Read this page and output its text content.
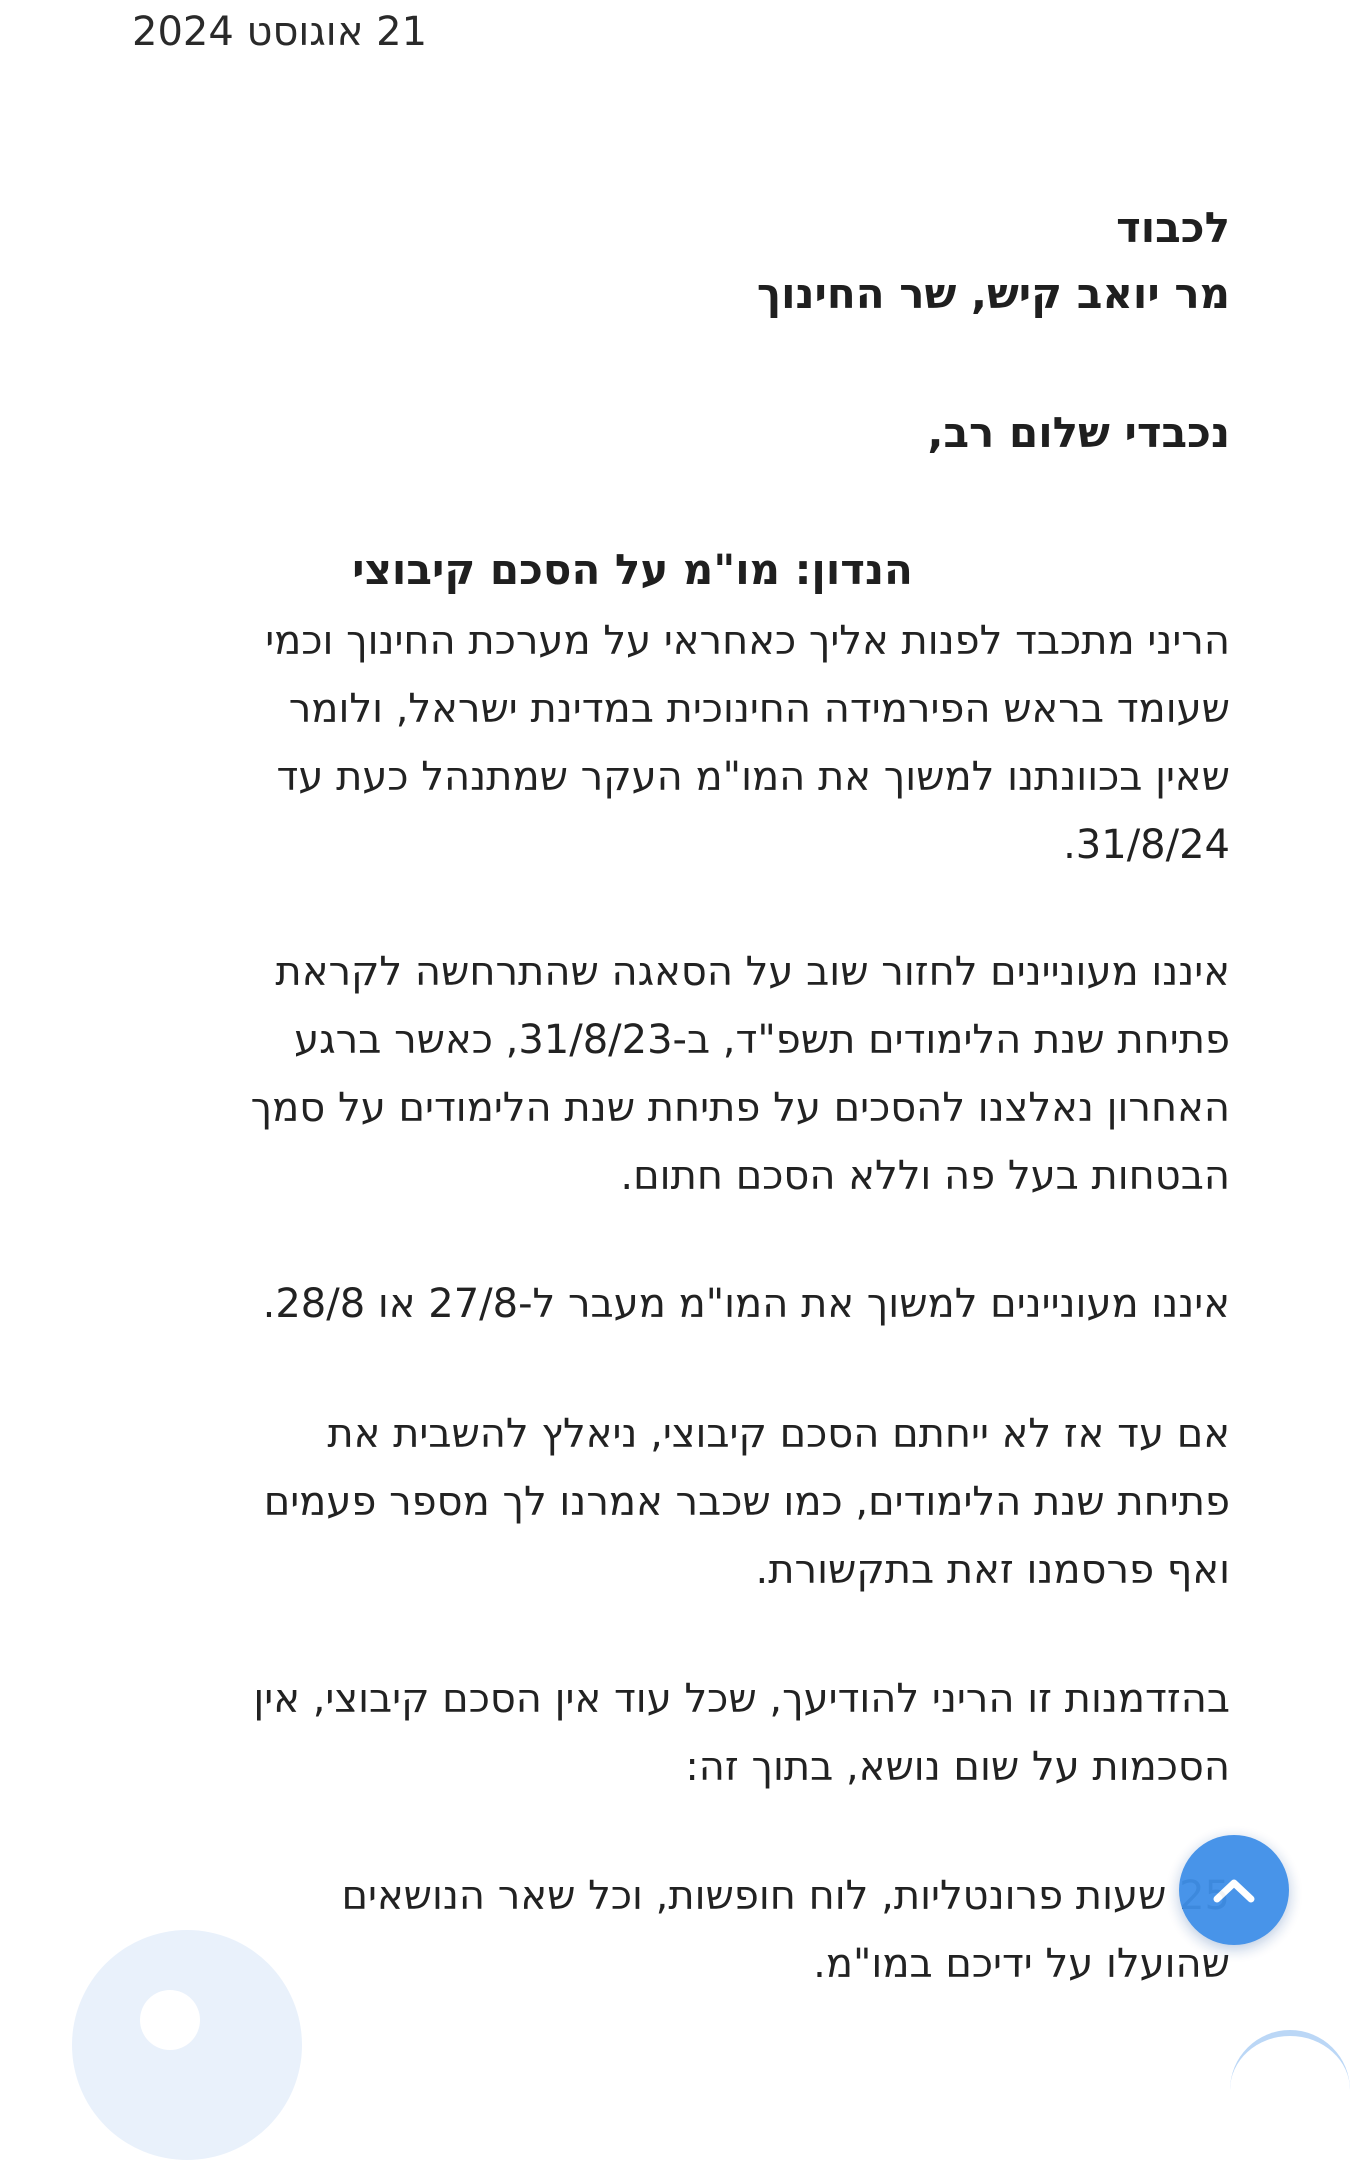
21 אוגוסט 2024
לכבוד
מר יואב קיש, שר החינוך
נכבדי שלום רב,
הנדון: מו"מ על הסכם קיבוצי
הריני מתכבד לפנות אליך כאחראי על מערכת החינוך וכמי
שעומד בראש הפירמידה החינוכית במדינת ישראל, ולומר
שאין בכוונתנו למשוך את המו"מ העקר שמתנהל כעת עד
31/8/24.
איננו מעוניינים לחזור שוב על הסאגה שהתרחשה לקראת
פתיחת שנת הלימודים תשפ"ד, ב-31/8/23, כאשר ברגע
האחרון נאלצנו להסכים על פתיחת שנת הלימודים על סמך
הבטחות בעל פה וללא הסכם חתום.
איננו מעוניינים למשוך את המו"מ מעבר ל-27/8 או 28/8.
אם עד אז לא ייחתם הסכם קיבוצי, ניאלץ להשבית את
פתיחת שנת הלימודים, כמו שכבר אמרנו לך מספר פעמים
ואף פרסמנו זאת בתקשורת.
בהזדמנות זו הריני להודיעך, שכל עוד אין הסכם קיבוצי, אין
הסכמות על שום נושא, בתוך זה:
שעות פרונטליות, לוח חופשות, וכל שאר הנושאים
שהועלו על ידיכם במו"מ.
